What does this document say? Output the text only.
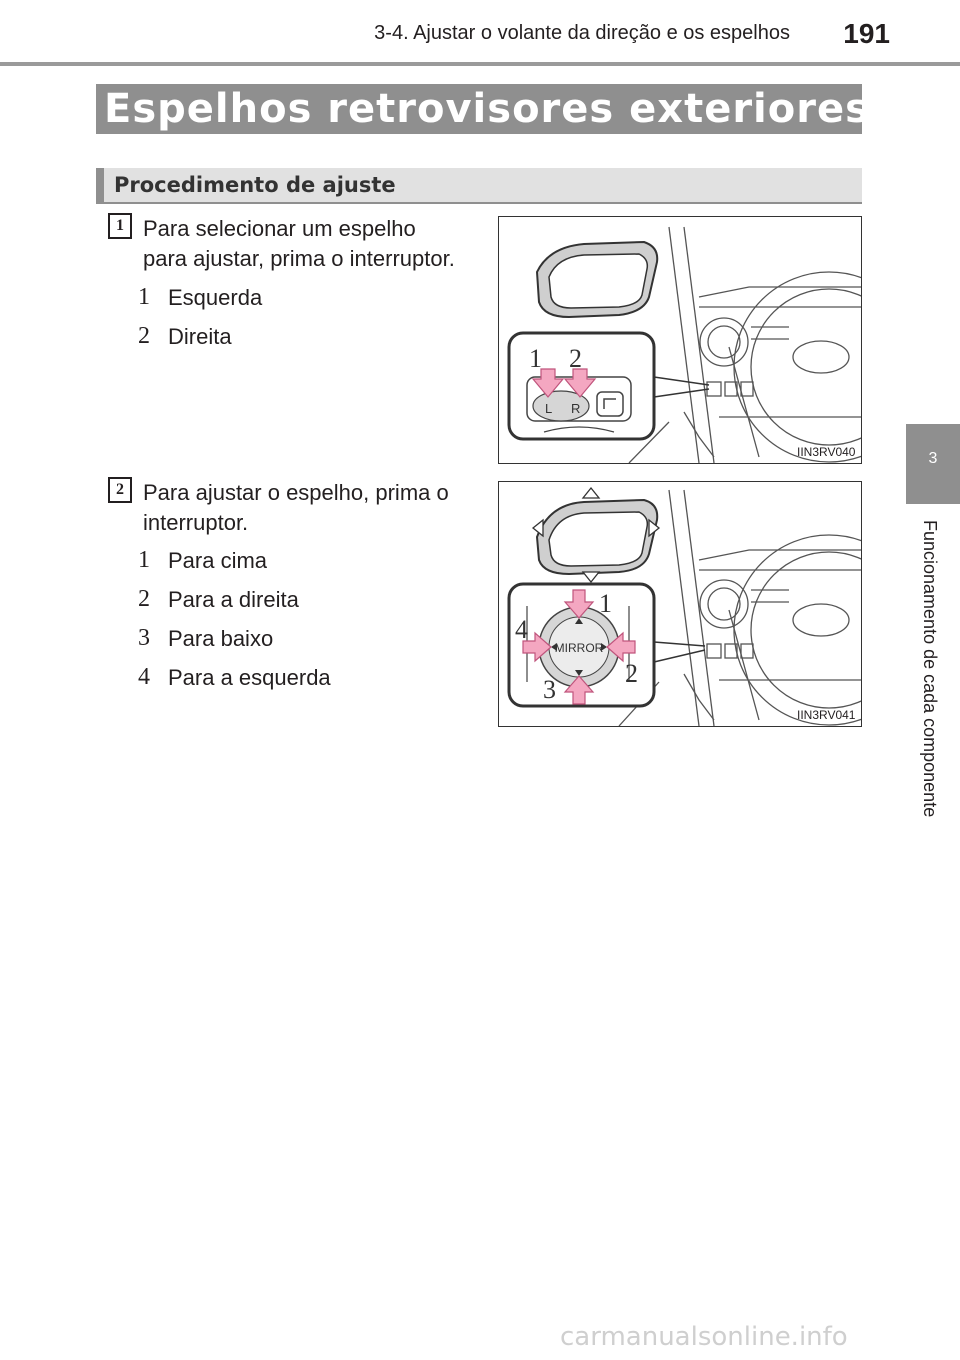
3-4. Ajustar o volante da direção e os espelhos	191
Espelhos retrovisores exteriores
Procedimento de ajuste
1 Para selecionar um espelho
para ajustar, prima o interruptor.
1 Esquerda
2 Direita
L R
1 2
IIN3RV040
2 Para ajustar o espelho, prima o
interruptor.
1 Para cima
2 Para a direita
3 Para baixo
4 Para a esquerda
MIRROR
1
2
3
4
IIN3RV041
3
Funcionamento de cada componente
carmanualsonline.info
